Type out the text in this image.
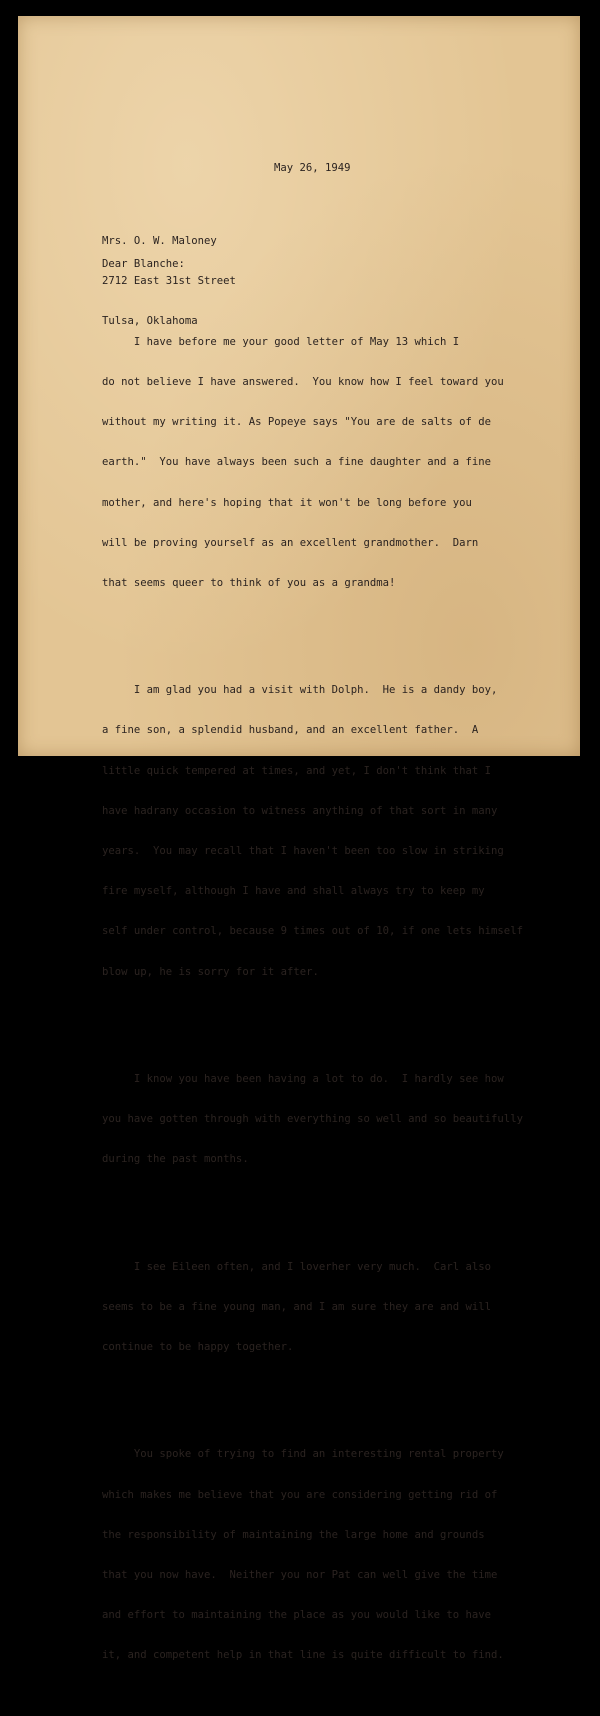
May 26, 1949

Mrs. O. W. Maloney

2712 East 31st Street

Tulsa, Oklahoma

Dear Blanche:

I have before me your good letter of May 13 which I

do not believe I have answered.  You know how I feel toward you

without my writing it. As Popeye says "You are de salts of de

earth."  You have always been such a fine daughter and a fine

mother, and here's hoping that it won't be long before you

will be proving yourself as an excellent grandmother.  Darn

that seems queer to think of you as a grandma!

I am glad you had a visit with Dolph.  He is a dandy boy,

a fine son, a splendid husband, and an excellent father.  A

little quick tempered at times, and yet, I don't think that I

have hadrany occasion to witness anything of that sort in many

years.  You may recall that I haven't been too slow in striking

fire myself, although I have and shall always try to keep my

self under control, because 9 times out of 10, if one lets himself

blow up, he is sorry for it after.

I know you have been having a lot to do.  I hardly see how

you have gotten through with everything so well and so beautifully

during the past months.

I see Eileen often, and I loverher very much.  Carl also

seems to be a fine young man, and I am sure they are and will

continue to be happy together.

You spoke of trying to find an interesting rental property

which makes me believe that you are considering getting rid of

the responsibility of maintaining the large home and grounds

that you now have.  Neither you nor Pat can well give the time

and effort to maintaining the place as you would like to have

it, and competent help in that line is quite difficult to find.
